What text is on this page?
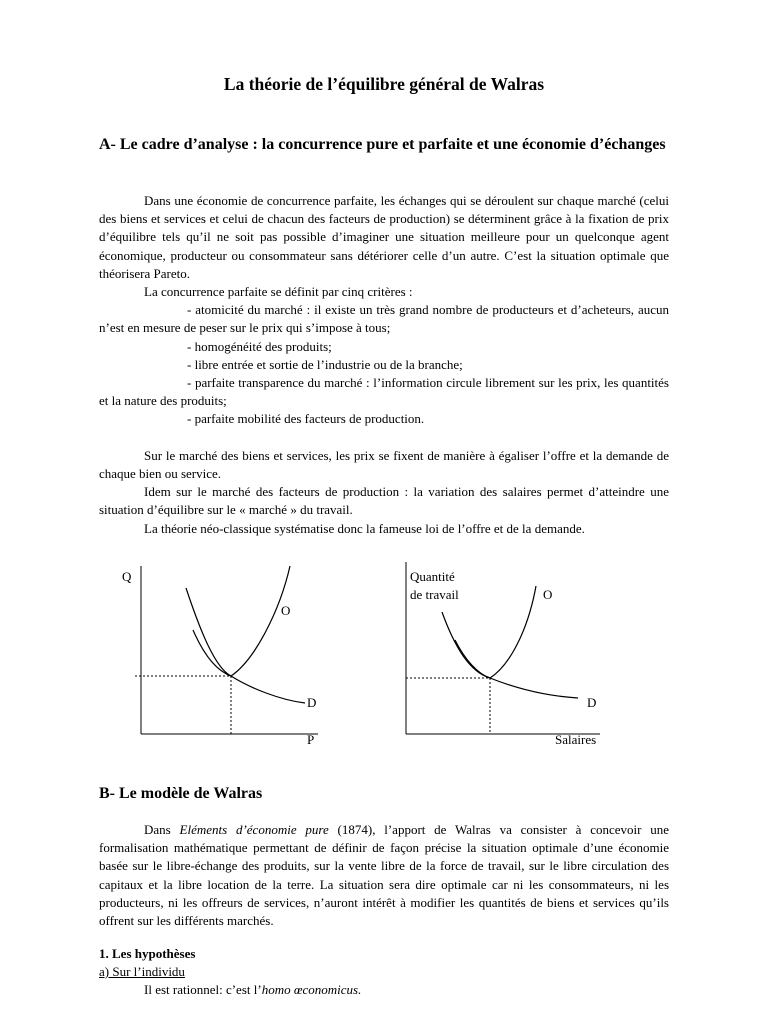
La théorie de l’équilibre général de Walras
A- Le cadre d’analyse : la concurrence pure et parfaite et une économie d’échanges

Dans une économie de concurrence parfaite, les échanges qui se déroulent sur chaque marché (celui des biens et services et celui de chacun des facteurs de production) se déterminent grâce à la fixation de prix d’équilibre tels qu’il ne soit pas possible d’imaginer une situation meilleure pour un quelconque agent économique, producteur ou consommateur sans détériorer celle d’un autre. C’est la situation optimale que théorisera Pareto.

La concurrence parfaite se définit par cinq critères :

- atomicité du marché : il existe un très grand nombre de producteurs et d’acheteurs, aucun n’est en mesure de peser sur le prix qui s’impose à tous;

- homogénéité des produits;

- libre entrée et sortie de l’industrie ou de la branche;

- parfaite transparence du marché : l’information circule librement sur les prix, les quantités et la nature des produits;

- parfaite mobilité des facteurs de production.

Sur le marché des biens et services, les prix se fixent de manière à égaliser l’offre et la demande de chaque bien ou service.

Idem sur le marché des facteurs de production : la variation des salaires permet d’atteindre une situation d’équilibre sur le « marché » du travail.

La théorie néo-classique systématise donc la fameuse loi de l’offre et de la demande.

Q
O
D
P
Quantité
de travail	O
D
Salaires
B- Le modèle de Walras

Dans Eléments d’économie pure (1874), l’apport de Walras va consister à concevoir une formalisation mathématique permettant de définir de façon précise la situation optimale d’une économie basée sur le libre-échange des produits, sur la vente libre de la force de travail, sur le libre circulation des capitaux et la libre location de la terre. La situation sera dire optimale car ni les consommateurs, ni les producteurs, ni les offreurs de services, n’auront intérêt à modifier les quantités de biens et services qu’ils offrent sur les différents marchés.

1. Les hypothèses

a) Sur l’individu

Il est rationnel: c’est l’homo œconomicus.
